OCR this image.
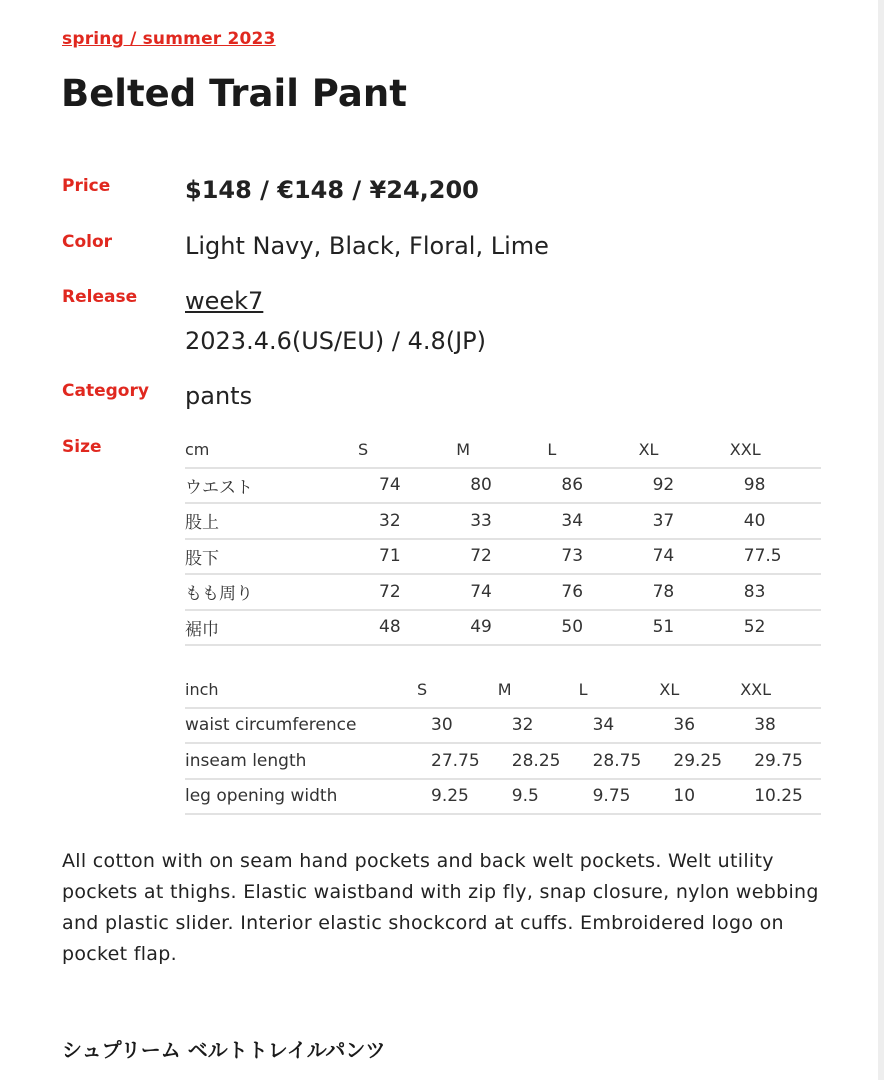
spring / summer 2023
Belted Trail Pant
Price	$148 / €148 / ¥24,200
Color	Light Navy, Black, Floral, Lime
Release week7
2023.4.6(US/EU) / 4.8(JP)
Category pants
Size	cm	S	M	L	XL	XXL
ウエスト	74	80	86	92	98
股上	32	33	34	37	40
股下	71	72	73	74	77.5
もも周り	72	74	76	78	83
裾巾	48	49	50	51	52
inch	S	M	L	XL	XXL
waist circumference	30	32	34	36	38
inseam length	27.75	28.25	28.75	29.25	29.75
leg opening width	9.25	9.5	9.75	10	10.25

All cotton with on seam hand pockets and back welt pockets. Welt utility pockets at thighs. Elastic waistband with zip fly, snap closure, nylon webbing and plastic slider. Interior elastic shockcord at cuffs. Embroidered logo on pocket flap.

シュプリーム ベルトトレイルパンツ
